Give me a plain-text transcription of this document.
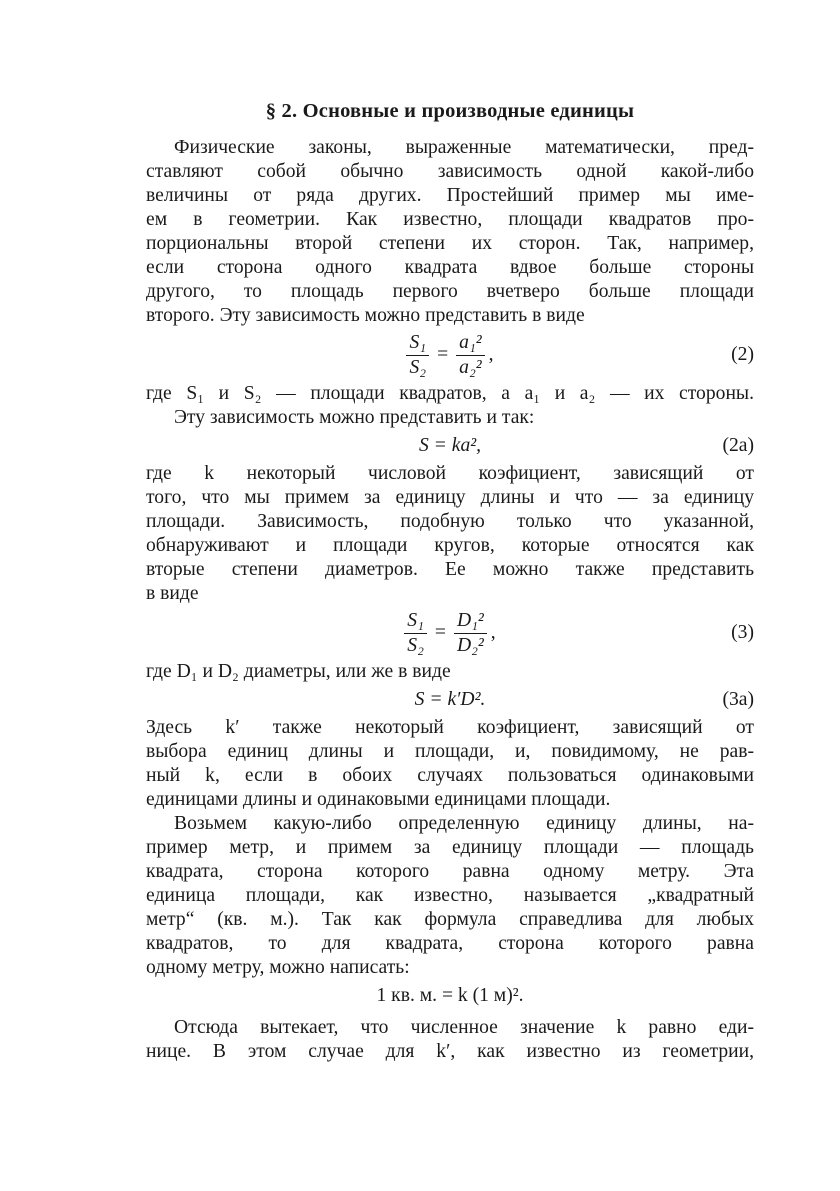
§ 2. Основные и производные единицы
Физические законы, выраженные математически, пред-
ставляют собой обычно зависимость одной какой-либо
величины от ряда других. Простейший пример мы име-
ем в геометрии. Как известно, площади квадратов про-
порциональны второй степени их сторон. Так, например,
если сторона одного квадрата вдвое больше стороны
другого, то площадь первого вчетверо больше площади
второго. Эту зависимость можно представить в виде
$\frac{\text{S₁}}{\text{S₂}} = \frac{\text{a₁²}}{\text{a₂²}}$ ,	(2)
где S₁ и S₂ — площади квадратов, а a₁ и a₂ — их стороны.
Эту зависимость можно представить и так:
S = ka²,	(2a)
где k некоторый числовой коэфициент, зависящий от
того, что мы примем за единицу длины и что — за единицу
площади. Зависимость, подобную только что указанной,
обнаруживают и площади кругов, которые относятся как
вторые степени диаметров. Ее можно также представить
в виде
$\frac{\text{S₁}}{\text{S₂}} = \frac{\text{D₁²}}{\text{D₂²}}$ ,	(3)
где D₁ и D₂ диаметры, или же в виде
S = k′D².	(3a)
Здесь k′ также некоторый коэфициент, зависящий от
выбора единиц длины и площади, и, повидимому, не рав-
ный k, если в обоих случаях пользоваться одинаковыми
единицами длины и одинаковыми единицами площади.
Возьмем какую-либо определенную единицу длины, на-
пример метр, и примем за единицу площади — площадь
квадрата, сторона которого равна одному метру. Эта
единица площади, как известно, называется „квадратный
метр“ (кв. м.). Так как формула справедлива для любых
квадратов, то для квадрата, сторона которого равна
одному метру, можно написать:
1 кв. м. = k (1 м)².
Отсюда вытекает, что численное значение k равно еди-
нице. В этом случае для k′, как известно из геометрии,
